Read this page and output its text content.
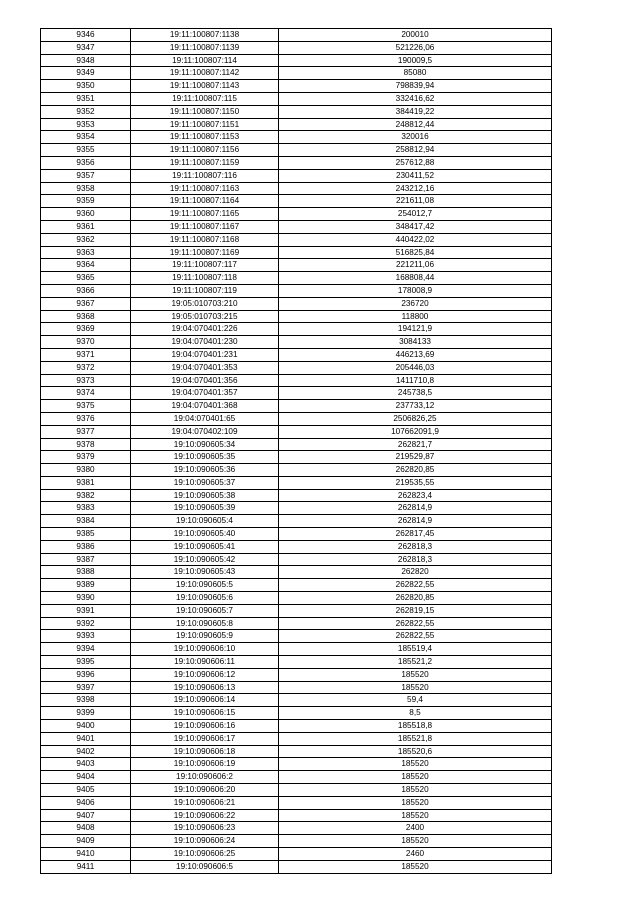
9346	19:11:100807:1138	200010
9347	19:11:100807:1139	521226,06
9348	19:11:100807:114	190009,5
9349	19:11:100807:1142	85080
9350	19:11:100807:1143	798839,94
9351	19:11:100807:115	332416,62
9352	19:11:100807:1150	384419,22
9353	19:11:100807:1151	248812,44
9354	19:11:100807:1153	320016
9355	19:11:100807:1156	258812,94
9356	19:11:100807:1159	257612,88
9357	19:11:100807:116	230411,52
9358	19:11:100807:1163	243212,16
9359	19:11:100807:1164	221611,08
9360	19:11:100807:1165	254012,7
9361	19:11:100807:1167	348417,42
9362	19:11:100807:1168	440422,02
9363	19:11:100807:1169	516825,84
9364	19:11:100807:117	221211,06
9365	19:11:100807:118	168808,44
9366	19:11:100807:119	178008,9
9367	19:05:010703:210	236720
9368	19:05:010703:215	118800
9369	19:04:070401:226	194121,9
9370	19:04:070401:230	3084133
9371	19:04:070401:231	446213,69
9372	19:04:070401:353	205446,03
9373	19:04:070401:356	1411710,8
9374	19:04:070401:357	245738,5
9375	19:04:070401:368	237733,12
9376	19:04:070401:65	2506826,25
9377	19:04:070402:109	107662091,9
9378	19:10:090605:34	262821,7
9379	19:10:090605:35	219529,87
9380	19:10:090605:36	262820,85
9381	19:10:090605:37	219535,55
9382	19:10:090605:38	262823,4
9383	19:10:090605:39	262814,9
9384	19:10:090605:4	262814,9
9385	19:10:090605:40	262817,45
9386	19:10:090605:41	262818,3
9387	19:10:090605:42	262818,3
9388	19:10:090605:43	262820
9389	19:10:090605:5	262822,55
9390	19:10:090605:6	262820,85
9391	19:10:090605:7	262819,15
9392	19:10:090605:8	262822,55
9393	19:10:090605:9	262822,55
9394	19:10:090606:10	185519,4
9395	19:10:090606:11	185521,2
9396	19:10:090606:12	185520
9397	19:10:090606:13	185520
9398	19:10:090606:14	59,4
9399	19:10:090606:15	8,5
9400	19:10:090606:16	185518,8
9401	19:10:090606:17	185521,8
9402	19:10:090606:18	185520,6
9403	19:10:090606:19	185520
9404	19:10:090606:2	185520
9405	19:10:090606:20	185520
9406	19:10:090606:21	185520
9407	19:10:090606:22	185520
9408	19:10:090606:23	2400
9409	19:10:090606:24	185520
9410	19:10:090606:25	2460
9411	19:10:090606:5	185520
